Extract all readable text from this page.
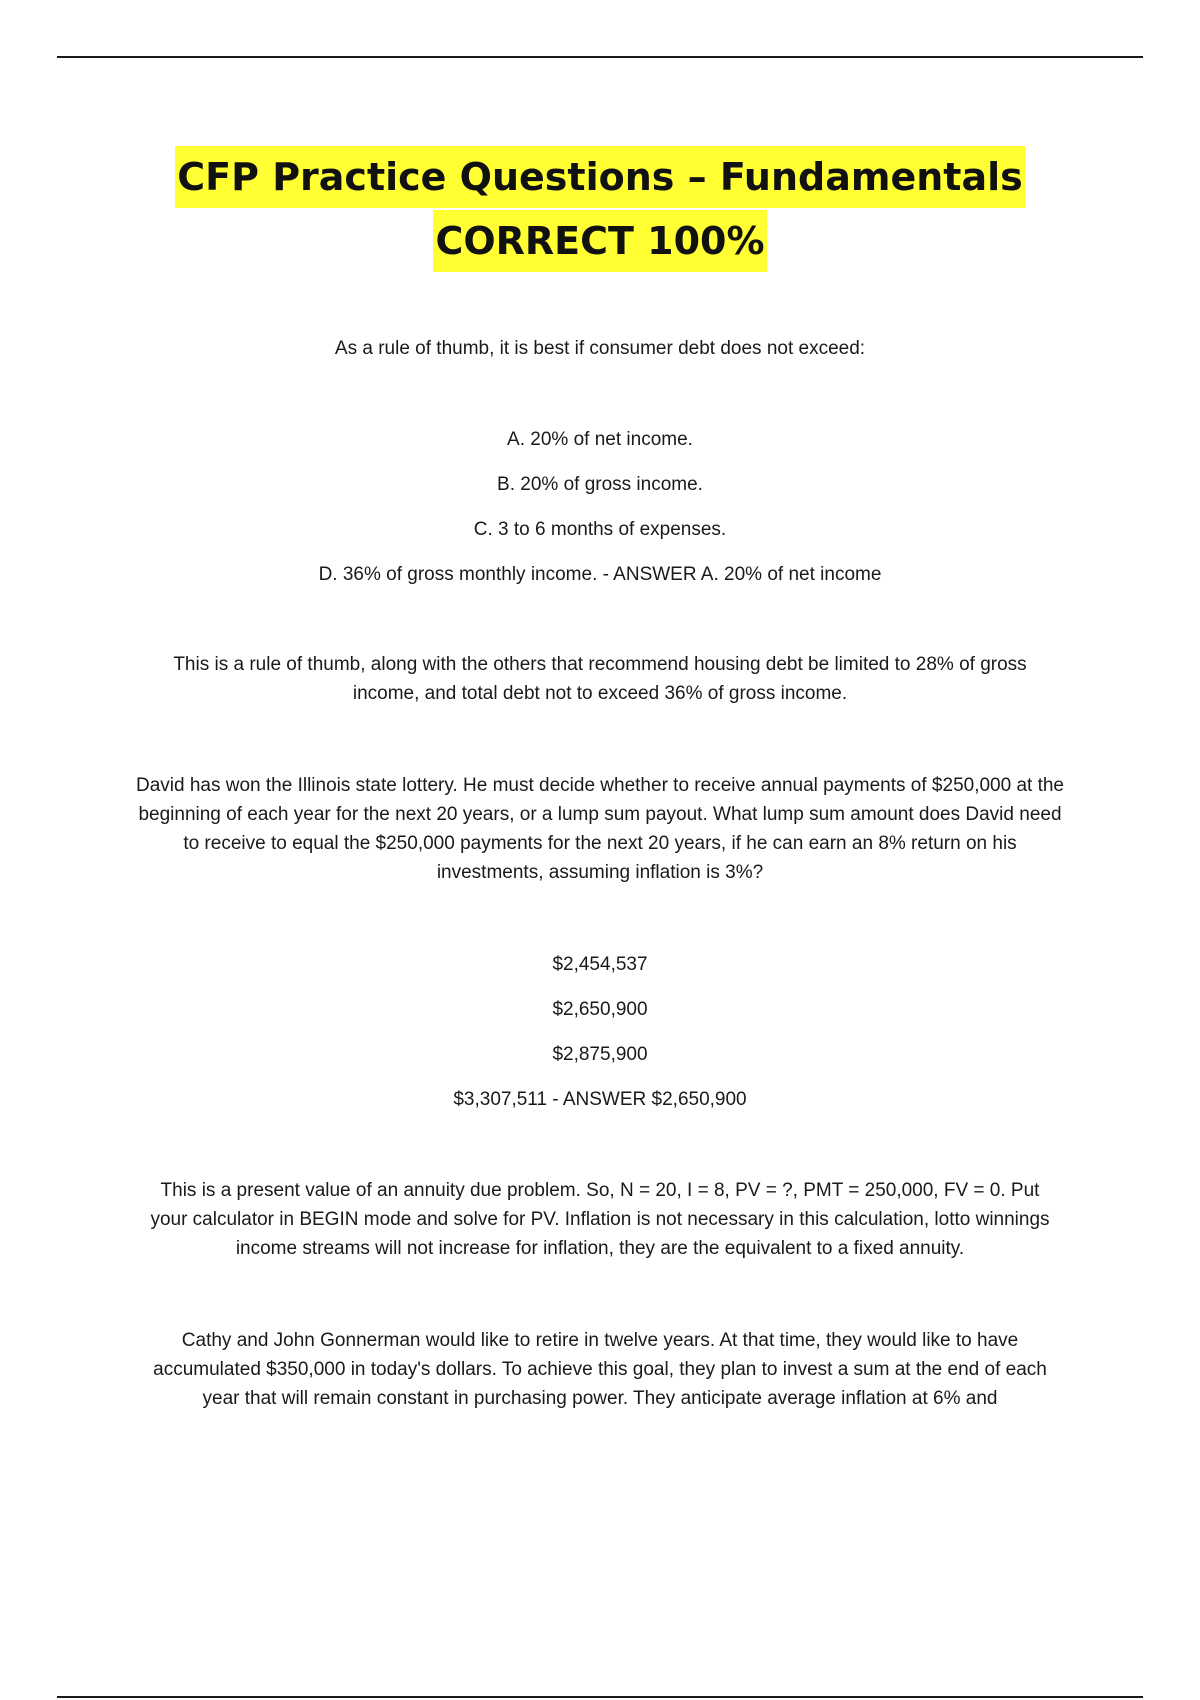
CFP Practice Questions – Fundamentals
CORRECT 100%
As a rule of thumb, it is best if consumer debt does not exceed:
A. 20% of net income.
B. 20% of gross income.
C. 3 to 6 months of expenses.
D. 36% of gross monthly income. - ANSWER A. 20% of net income
This is a rule of thumb, along with the others that recommend housing debt be limited to 28% of gross income, and total debt not to exceed 36% of gross income.
David has won the Illinois state lottery. He must decide whether to receive annual payments of $250,000 at the beginning of each year for the next 20 years, or a lump sum payout. What lump sum amount does David need to receive to equal the $250,000 payments for the next 20 years, if he can earn an 8% return on his investments, assuming inflation is 3%?
$2,454,537
$2,650,900
$2,875,900
$3,307,511 - ANSWER $2,650,900
This is a present value of an annuity due problem. So, N = 20, I = 8, PV = ?, PMT = 250,000, FV = 0. Put your calculator in BEGIN mode and solve for PV. Inflation is not necessary in this calculation, lotto winnings income streams will not increase for inflation, they are the equivalent to a fixed annuity.
Cathy and John Gonnerman would like to retire in twelve years. At that time, they would like to have accumulated $350,000 in today's dollars. To achieve this goal, they plan to invest a sum at the end of each year that will remain constant in purchasing power. They anticipate average inflation at 6% and
